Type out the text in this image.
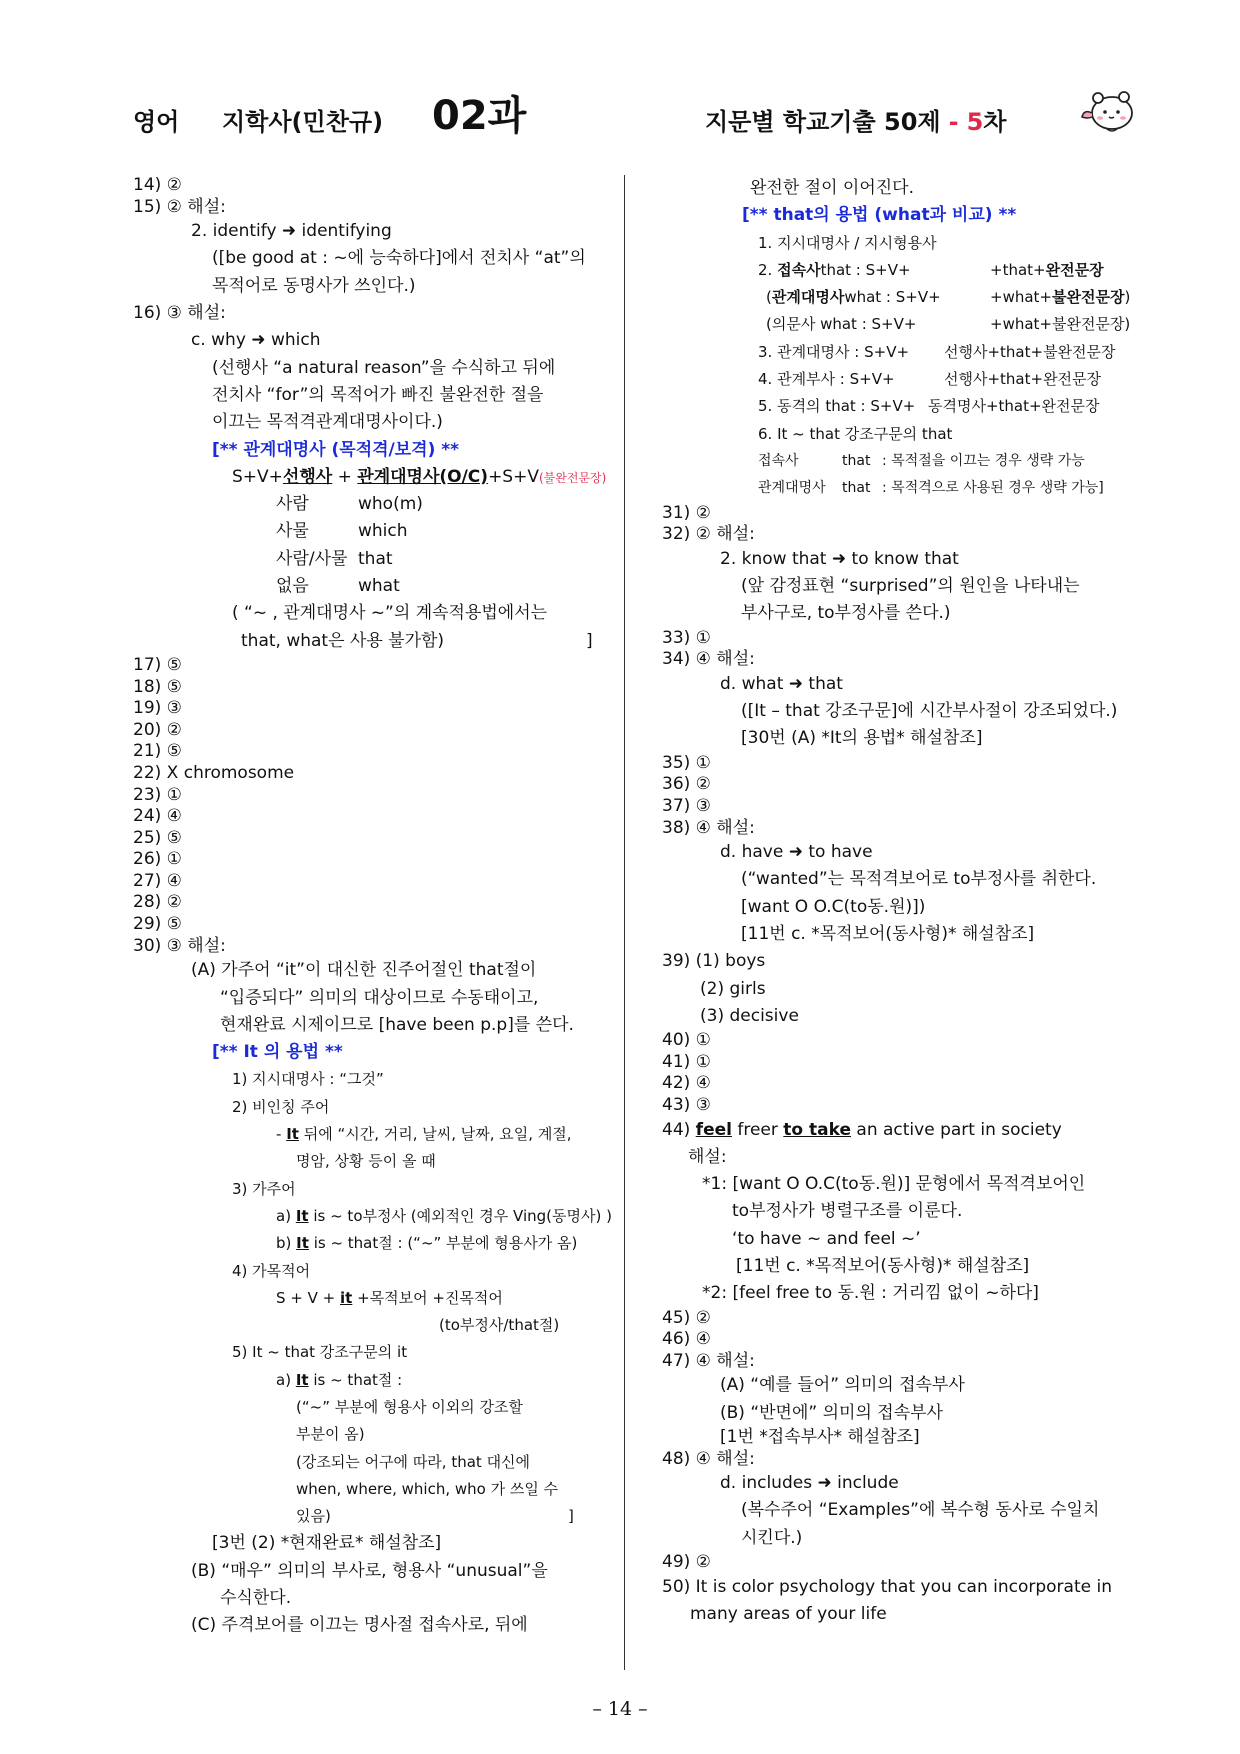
영어 지학사(민찬규) 02과	지문별 학교기출 50제 - 5차
14) ②
15) ② 해설:
2. identify ➜ identifying
([be good at : ~에 능숙하다]에서 전치사 “at”의
목적어로 동명사가 쓰인다.)
16) ③ 해설:
c. why ➜ which
(선행사 “a natural reason”을 수식하고 뒤에
전치사 “for”의 목적어가 빠진 불완전한 절을
이끄는 목적격관계대명사이다.)
[** 관계대명사 (목적격/보격) **
S+V+선행사 + 관계대명사(O/C)+S+V(불완전문장)
사람	who(m)
사물	which
사람/사물 that
없음	what
( “~ , 관계대명사 ~”의 계속적용법에서는
that, what은 사용 불가함)	]
17) ⑤
18) ⑤
19) ③
20) ②
21) ⑤
22) X chromosome
23) ①
24) ④
25) ⑤
26) ①
27) ④
28) ②
29) ⑤
30) ③ 해설:
(A) 가주어 “it”이 대신한 진주어절인 that절이
“입증되다” 의미의 대상이므로 수동태이고,
현재완료 시제이므로 [have been p.p]를 쓴다.
[** It 의 용법 **
1) 지시대명사 : “그것”
2) 비인칭 주어
- It 뒤에 “시간, 거리, 날씨, 날짜, 요일, 계절,
명암, 상황 등이 올 때
3) 가주어
a) It is ~ to부정사 (예외적인 경우 Ving(동명사) )
b) It is ~ that절 : (“~” 부분에 형용사가 옴)
4) 가목적어
S + V + it +목적보어 +진목적어
(to부정사/that절)
5) It ~ that 강조구문의 it
a) It is ~ that절 :
(“~” 부분에 형용사 이외의 강조할
부분이 옴)
(강조되는 어구에 따라, that 대신에
when, where, which, who 가 쓰일 수
있음)	]
[3번 (2) *현재완료* 해설참조]
(B) “매우” 의미의 부사로, 형용사 “unusual”을
수식한다.
(C) 주격보어를 이끄는 명사절 접속사로, 뒤에
완전한 절이 이어진다.
[** that의 용법 (what과 비교) **
1. 지시대명사 / 지시형용사
2. 접속사that : S+V+	+that+완전문장
(관계대명사what : S+V+	+what+불완전문장)
(의문사 what : S+V+	+what+불완전문장)
3. 관계대명사 : S+V+ 선행사+that+불완전문장
4. 관계부사 : S+V+	선행사+that+완전문장
5. 동격의 that : S+V+ 동격명사+that+완전문장
6. It ~ that 강조구문의 that
접속사	that : 목적절을 이끄는 경우 생략 가능
관계대명사 that : 목적격으로 사용된 경우 생략 가능]
31) ②
32) ② 해설:
2. know that ➜ to know that
(앞 감정표현 “surprised”의 원인을 나타내는
부사구로, to부정사를 쓴다.)
33) ①
34) ④ 해설:
d. what ➜ that
([It – that 강조구문]에 시간부사절이 강조되었다.)
[30번 (A) *It의 용법* 해설참조]
35) ①
36) ②
37) ③
38) ④ 해설:
d. have ➜ to have
(“wanted”는 목적격보어로 to부정사를 취한다.
[want O O.C(to동.원)])
[11번 c. *목적보어(동사형)* 해설참조]
39) (1) boys
(2) girls
(3) decisive
40) ①
41) ①
42) ④
43) ③
44) feel freer to take an active part in society
해설:
*1: [want O O.C(to동.원)] 문형에서 목적격보어인
to부정사가 병렬구조를 이룬다.
‘to have ~ and feel ~’
[11번 c. *목적보어(동사형)* 해설참조]
*2: [feel free to 동.원 : 거리낌 없이 ~하다]
45) ②
46) ④
47) ④ 해설:
(A) “예를 들어” 의미의 접속부사
(B) “반면에” 의미의 접속부사
[1번 *접속부사* 해설참조]
48) ④ 해설:
d. includes ➜ include
(복수주어 “Examples”에 복수형 동사로 수일치
시킨다.)
49) ②
50) It is color psychology that you can incorporate in
many areas of your life
– 14 –
